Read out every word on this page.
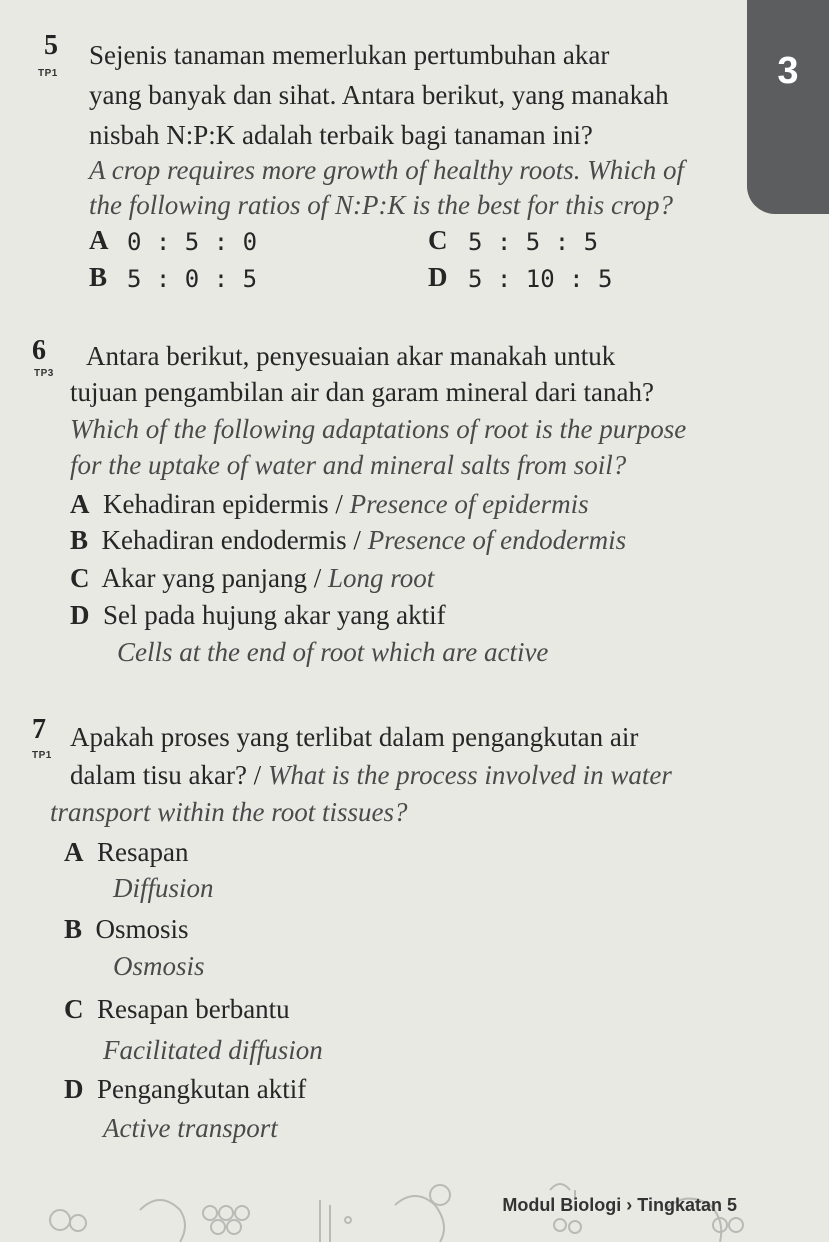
3
5
TP1
Sejenis tanaman memerlukan pertumbuhan akar
yang banyak dan sihat. Antara berikut, yang manakah
nisbah N:P:K adalah terbaik bagi tanaman ini?
A crop requires more growth of healthy roots. Which of
the following ratios of N:P:K is the best for this crop?
A 0 : 5 : 0
B 5 : 0 : 5
C 5 : 5 : 5
D 5 : 10 : 5
6
TP3
Antara berikut, penyesuaian akar manakah untuk
tujuan pengambilan air dan garam mineral dari tanah?
Which of the following adaptations of root is the purpose
for the uptake of water and mineral salts from soil?
A Kehadiran epidermis / Presence of epidermis
B Kehadiran endodermis / Presence of endodermis
C Akar yang panjang / Long root
D Sel pada hujung akar yang aktif
Cells at the end of root which are active
7
TP1
Apakah proses yang terlibat dalam pengangkutan air
dalam tisu akar? / What is the process involved in water
transport within the root tissues?
A Resapan
Diffusion
B Osmosis
Osmosis
C Resapan berbantu
Facilitated diffusion
D Pengangkutan aktif
Active transport
Modul Biologi › Tingkatan 5
